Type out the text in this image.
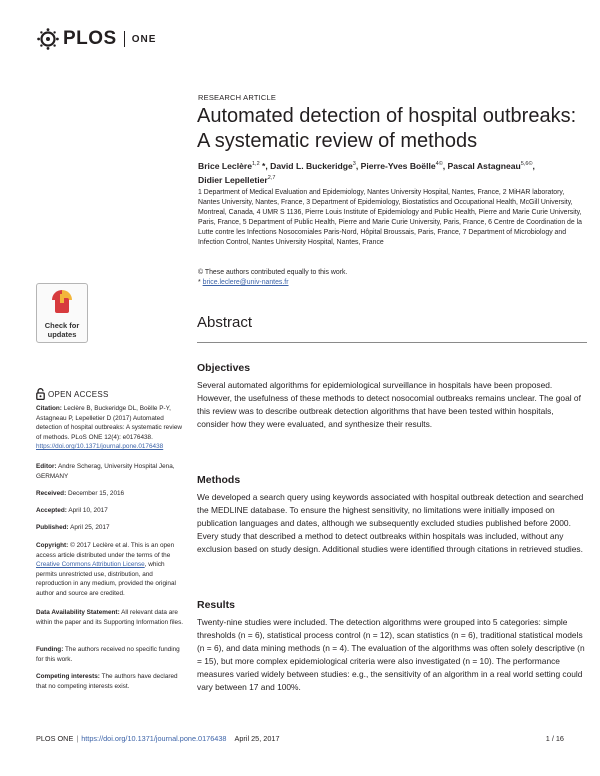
PLOS ONE
RESEARCH ARTICLE
Automated detection of hospital outbreaks: A systematic review of methods
Brice Leclère$^{1,2}$ *, David L. Buckeridge$^3$, Pierre-Yves Boëlle$^{4©}$, Pascal Astagneau$^{5,6©}$,
Didier Lepelletier$^{2,7}$
1 Department of Medical Evaluation and Epidemiology, Nantes University Hospital, Nantes, France, 2 MiHAR laboratory, Nantes University, Nantes, France, 3 Department of Epidemiology, Biostatistics and Occupational Health, McGill University, Montreal, Canada, 4 UMR S 1136, Pierre Louis Institute of Epidemiology and Public Health, Pierre and Marie Curie University, Paris, France, 5 Department of Public Health, Pierre and Marie Curie University, Paris, France, 6 Centre de Coordination de la Lutte contre les Infections Nosocomiales Paris-Nord, Hôpital Broussais, Paris, France, 7 Department of Microbiology and Infection Control, Nantes University Hospital, Nantes, France
© These authors contributed equally to this work.
* brice.leclere@univ-nantes.fr
Check for
updates
Abstract
Objectives

Several automated algorithms for epidemiological surveillance in hospitals have been proposed. However, the usefulness of these methods to detect nosocomial outbreaks remains unclear. The goal of this review was to describe outbreak detection algorithms that have been tested within hospitals, consider how they were evaluated, and synthesize their results.

Methods

We developed a search query using keywords associated with hospital outbreak detection and searched the MEDLINE database. To ensure the highest sensitivity, no limitations were initially imposed on publication languages and dates, although we subsequently excluded studies published before 2000. Every study that described a method to detect outbreaks within hospitals was included, without any exclusion based on study design. Additional studies were identified through citations in retrieved studies.

Results

Twenty-nine studies were included. The detection algorithms were grouped into 5 categories: simple thresholds (n = 6), statistical process control (n = 12), scan statistics (n = 6), traditional statistical models (n = 6), and data mining methods (n = 4). The evaluation of the algorithms was often solely descriptive (n = 15), but more complex epidemiological criteria were also investigated (n = 10). The performance measures varied widely between studies: e.g., the sensitivity of an algorithm in a real world setting could vary between 17 and 100%.

OPEN ACCESS
Citation: Leclère B, Buckeridge DL, Boëlle P-Y, Astagneau P, Lepelletier D (2017) Automated detection of hospital outbreaks: A systematic review of methods. PLoS ONE 12(4): e0176438. https://doi.org/10.1371/journal.pone.0176438
Editor: Andre Scherag, University Hospital Jena, GERMANY
Received: December 15, 2016
Accepted: April 10, 2017
Published: April 25, 2017
Copyright: © 2017 Leclère et al. This is an open access article distributed under the terms of the Creative Commons Attribution License, which permits unrestricted use, distribution, and reproduction in any medium, provided the original author and source are credited.
Data Availability Statement: All relevant data are within the paper and its Supporting Information files.
Funding: The authors received no specific funding for this work.
Competing interests: The authors have declared that no competing interests exist.
PLOS ONE | https://doi.org/10.1371/journal.pone.0176438 April 25, 2017	1 / 16
